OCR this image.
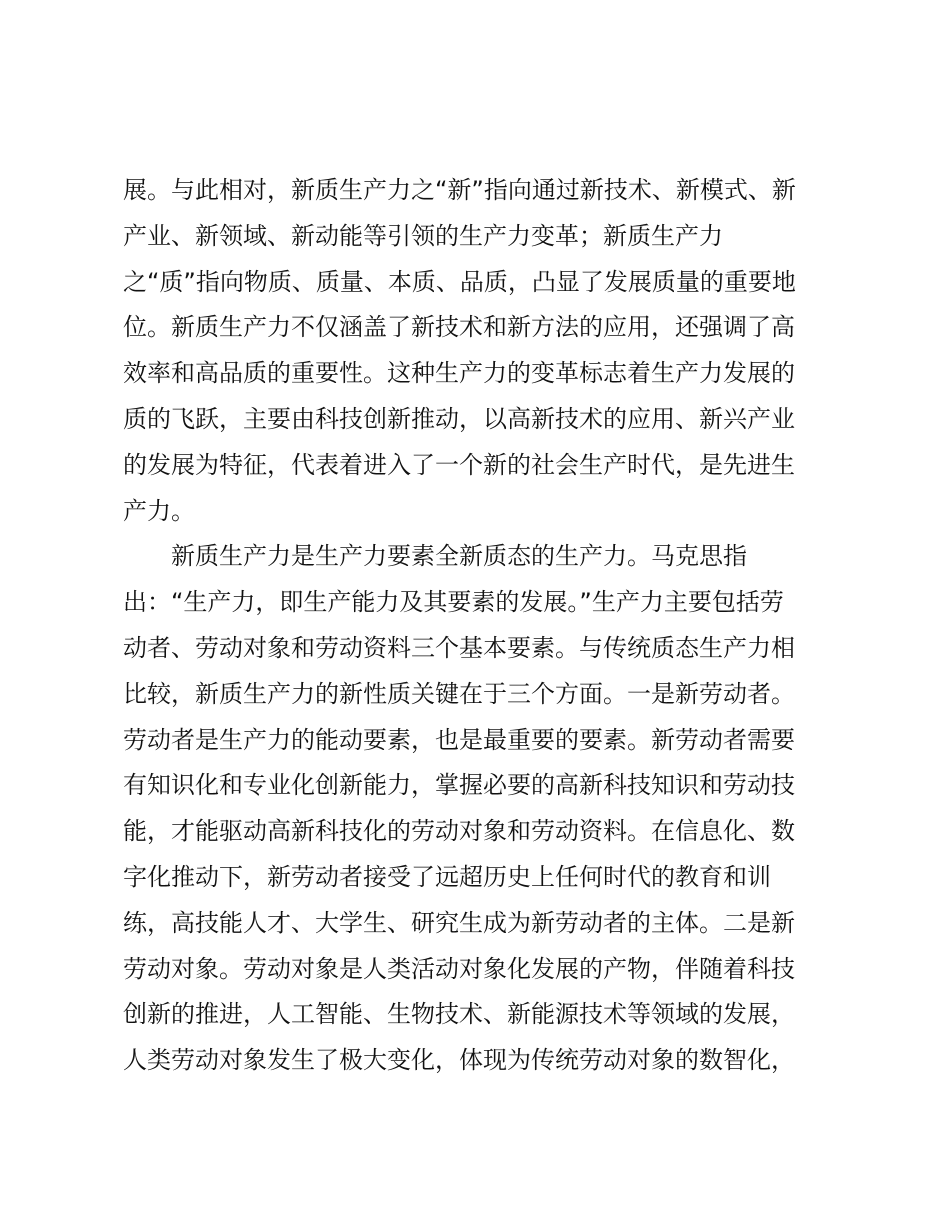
展。与此相对，新质生产力之“新”指向通过新技术、新模式、新
产业、新领域、新动能等引领的生产力变革；新质生产力
之“质”指向物质、质量、本质、品质，凸显了发展质量的重要地
位。新质生产力不仅涵盖了新技术和新方法的应用，还强调了高
效率和高品质的重要性。这种生产力的变革标志着生产力发展的
质的飞跃，主要由科技创新推动，以高新技术的应用、新兴产业
的发展为特征，代表着进入了一个新的社会生产时代，是先进生
产力。
新质生产力是生产力要素全新质态的生产力。马克思指
出：“生产力，即生产能力及其要素的发展。”生产力主要包括劳
动者、劳动对象和劳动资料三个基本要素。与传统质态生产力相
比较，新质生产力的新性质关键在于三个方面。一是新劳动者。
劳动者是生产力的能动要素，也是最重要的要素。新劳动者需要
有知识化和专业化创新能力，掌握必要的高新科技知识和劳动技
能，才能驱动高新科技化的劳动对象和劳动资料。在信息化、数
字化推动下，新劳动者接受了远超历史上任何时代的教育和训
练，高技能人才、大学生、研究生成为新劳动者的主体。二是新
劳动对象。劳动对象是人类活动对象化发展的产物，伴随着科技
创新的推进，人工智能、生物技术、新能源技术等领域的发展，
人类劳动对象发生了极大变化，体现为传统劳动对象的数智化，
